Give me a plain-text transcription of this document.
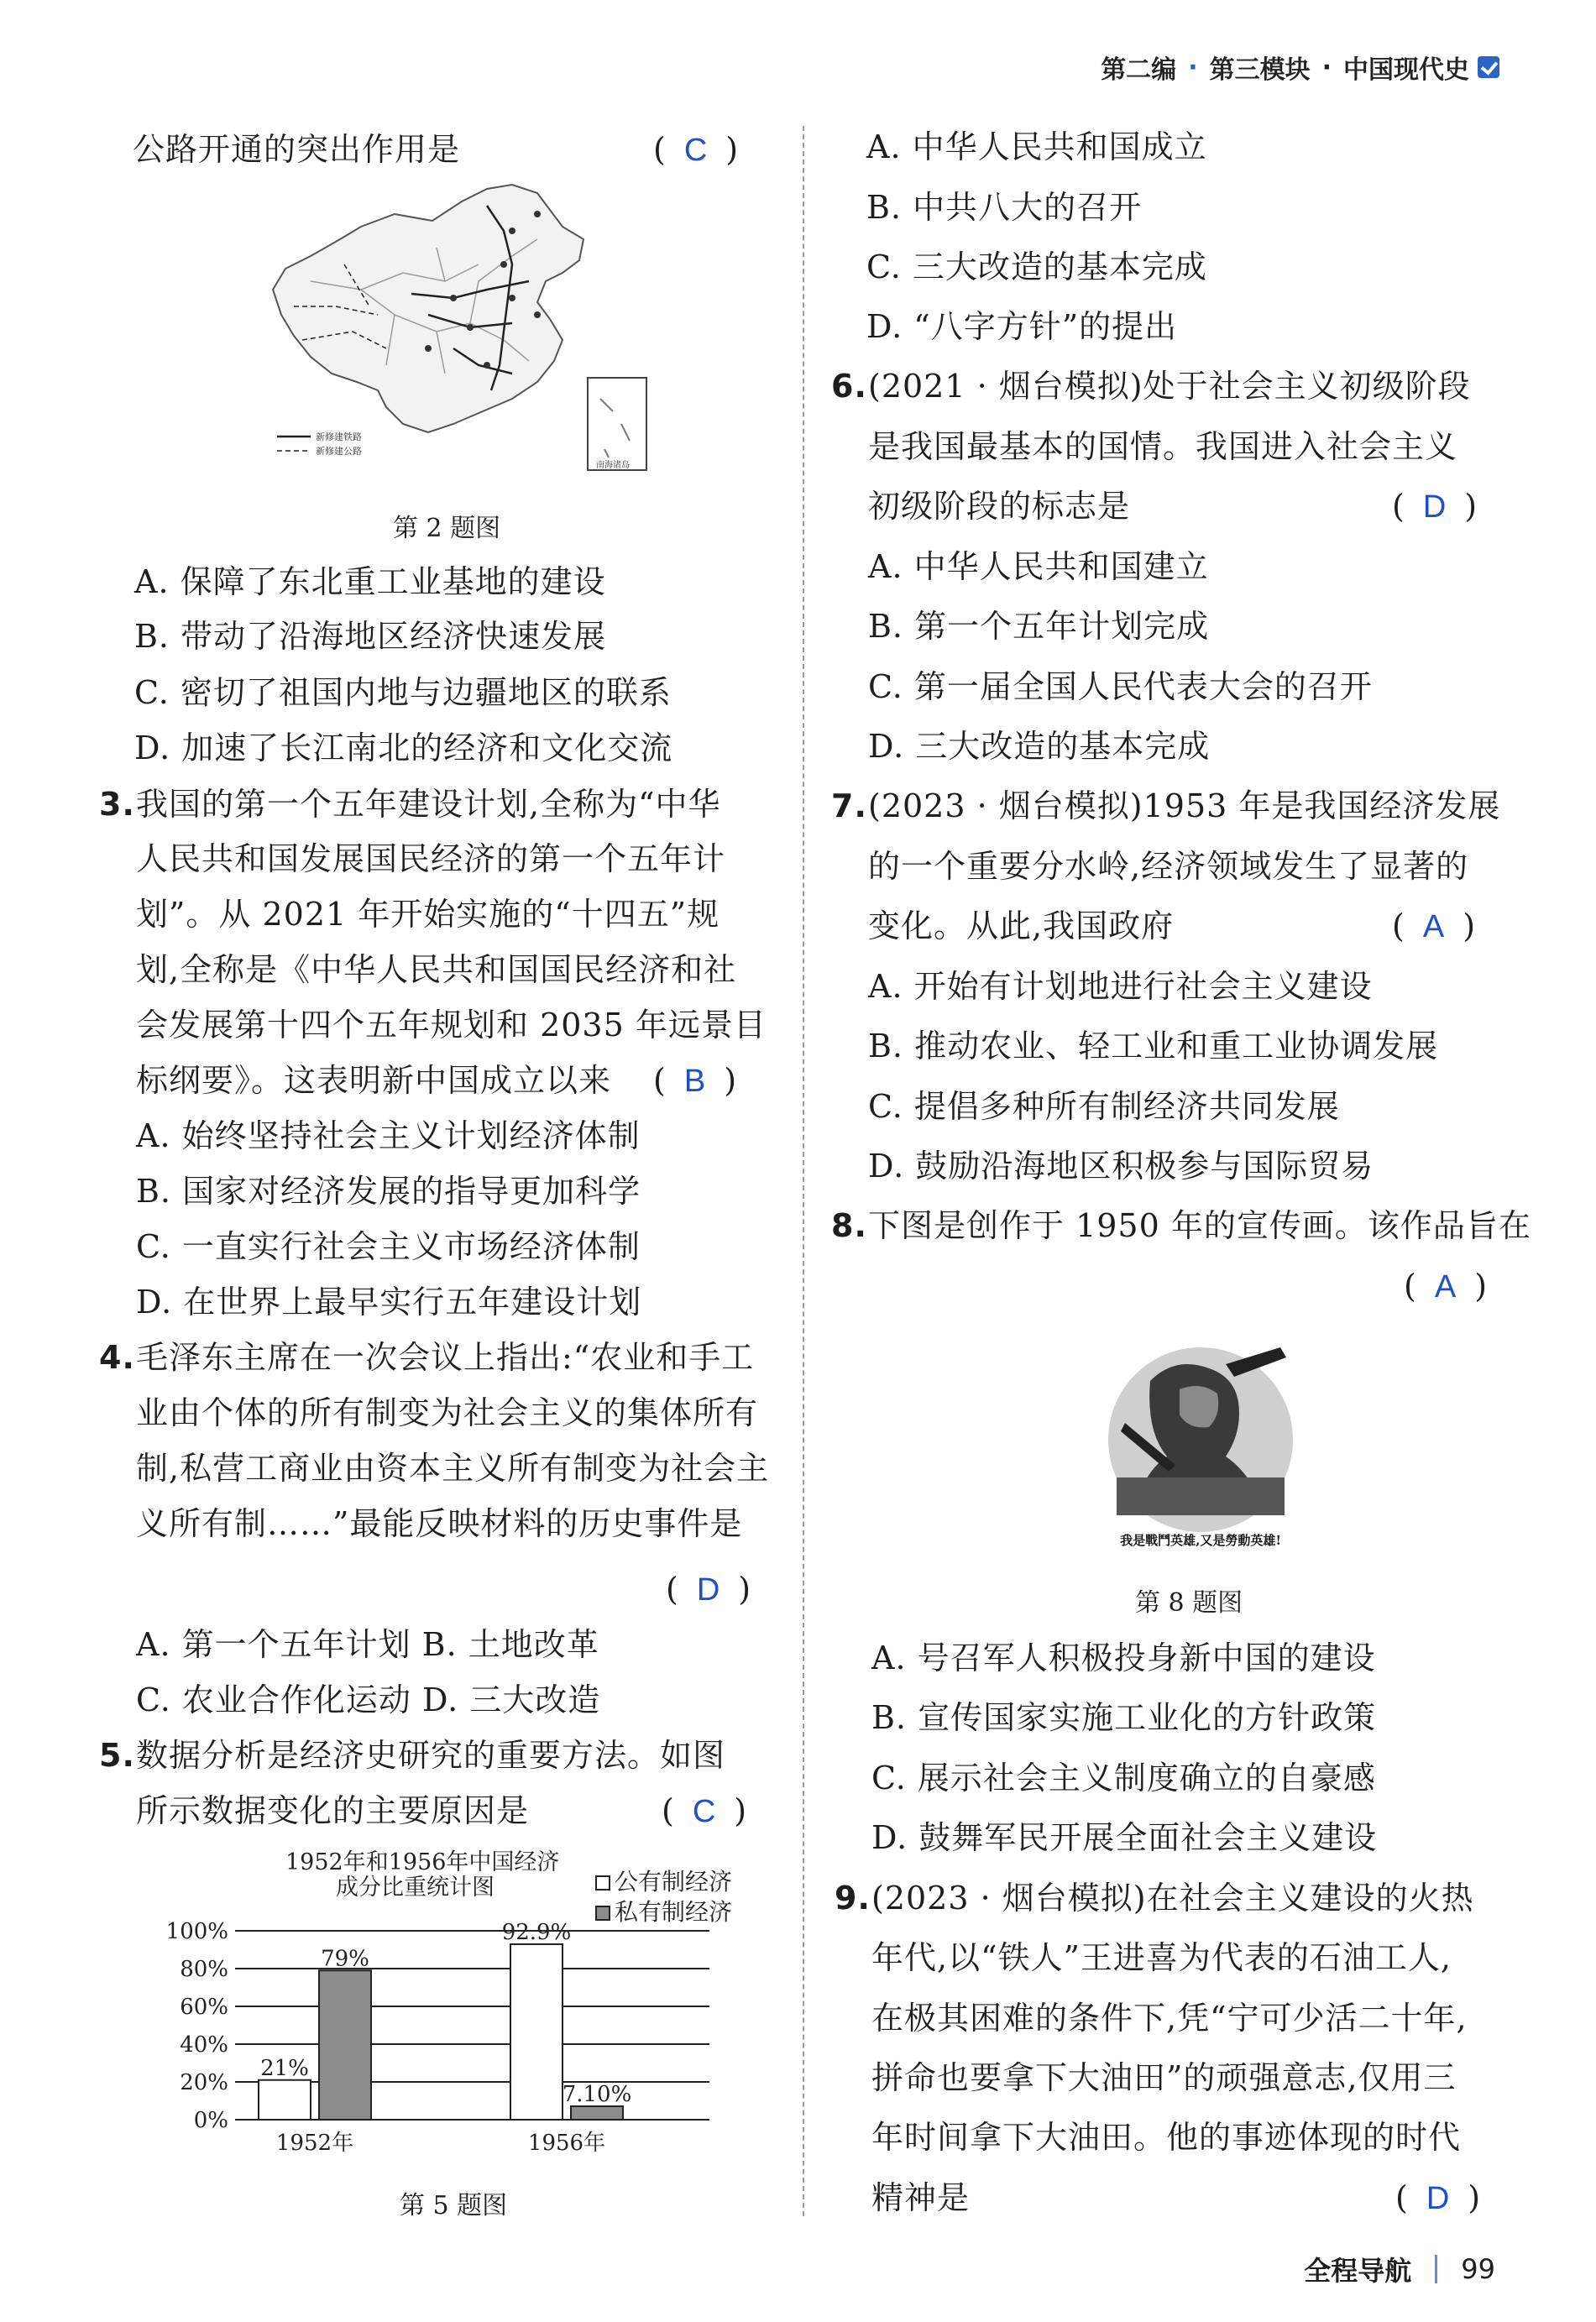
第二编 · 第三模块 · 中国现代史
公路开通的突出作用是	( C )
南海诸岛
新修建铁路
新修建公路
第 2 题图
A. 保障了东北重工业基地的建设
B. 带动了沿海地区经济快速发展
C. 密切了祖国内地与边疆地区的联系
D. 加速了长江南北的经济和文化交流
3. 我国的第一个五年建设计划,全称为“中华
人民共和国发展国民经济的第一个五年计
划”。从 2021 年开始实施的“十四五”规
划,全称是《中华人民共和国国民经济和社
会发展第十四个五年规划和 2035 年远景目
标纲要》。这表明新中国成立以来 ( B )
A. 始终坚持社会主义计划经济体制
B. 国家对经济发展的指导更加科学
C. 一直实行社会主义市场经济体制
D. 在世界上最早实行五年建设计划
4. 毛泽东主席在一次会议上指出:“农业和手工
业由个体的所有制变为社会主义的集体所有
制,私营工商业由资本主义所有制变为社会主
义所有制……”最能反映材料的历史事件是
( D )
A. 第一个五年计划 B. 土地改革
C. 农业合作化运动 D. 三大改造
5. 数据分析是经济史研究的重要方法。如图
所示数据变化的主要原因是	( C )
1952年和1956年中国经济
成分比重统计图	公有制经济
私有制经济
0%
20%
40%
60%
80%
100%
21%
79%
92.9%
7.10%
1952年	1956年
第 5 题图
A. 中华人民共和国成立
B. 中共八大的召开
C. 三大改造的基本完成
D. “八字方针”的提出
6. (2021 · 烟台模拟)处于社会主义初级阶段
是我国最基本的国情。我国进入社会主义
初级阶段的标志是	( D )
A. 中华人民共和国建立
B. 第一个五年计划完成
C. 第一届全国人民代表大会的召开
D. 三大改造的基本完成
7. (2023 · 烟台模拟)1953 年是我国经济发展
的一个重要分水岭,经济领域发生了显著的
变化。从此,我国政府	( A )
A. 开始有计划地进行社会主义建设
B. 推动农业、轻工业和重工业协调发展
C. 提倡多种所有制经济共同发展
D. 鼓励沿海地区积极参与国际贸易
8. 下图是创作于 1950 年的宣传画。该作品旨在
( A )
我是戰鬥英雄,又是勞動英雄!
第 8 题图
A. 号召军人积极投身新中国的建设
B. 宣传国家实施工业化的方针政策
C. 展示社会主义制度确立的自豪感
D. 鼓舞军民开展全面社会主义建设
9. (2023 · 烟台模拟)在社会主义建设的火热
年代,以“铁人”王进喜为代表的石油工人,
在极其困难的条件下,凭“宁可少活二十年,
拼命也要拿下大油田”的顽强意志,仅用三
年时间拿下大油田。他的事迹体现的时代
精神是	( D )
全程导航 99
